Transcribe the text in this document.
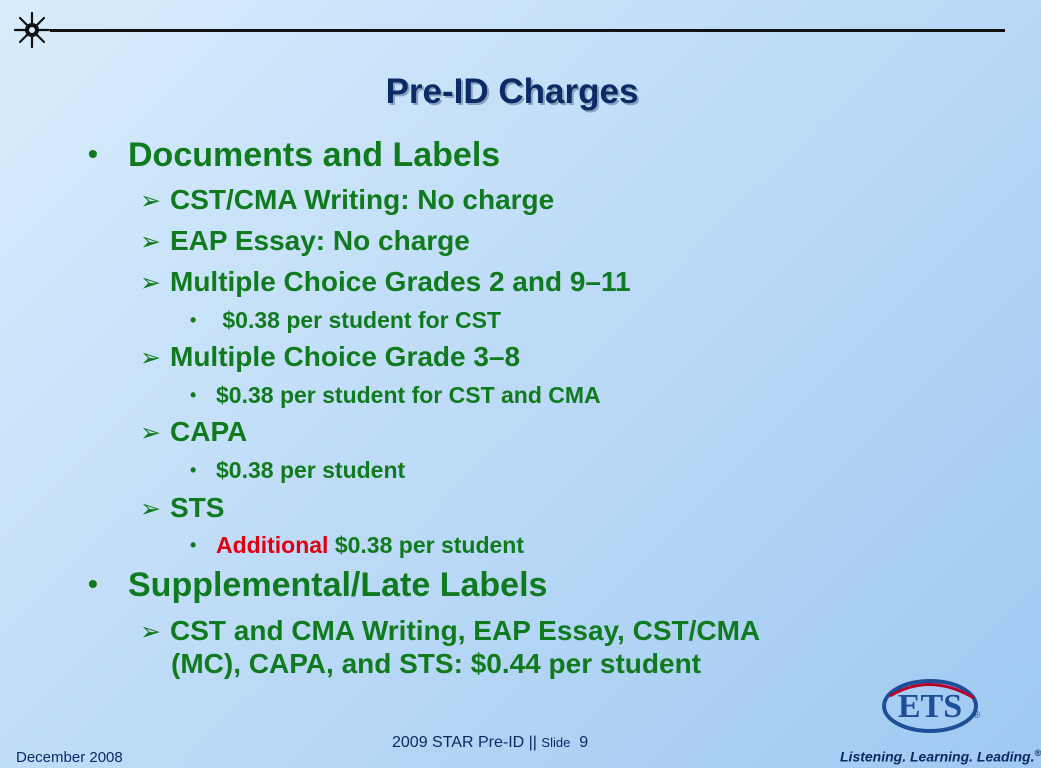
Pre-ID Charges
• Documents and Labels
➢ CST/CMA Writing: No charge
➢ EAP Essay: No charge
➢ Multiple Choice Grades 2 and 9–11
• $0.38 per student for CST
➢ Multiple Choice Grade 3–8
• $0.38 per student for CST and CMA
➢ CAPA
• $0.38 per student
➢ STS
• Additional $0.38 per student
• Supplemental/Late Labels
➢ CST and CMA Writing, EAP Essay, CST/CMA
(MC), CAPA, and STS: $0.44 per student
December 2008
2009 STAR Pre-ID || Slide 9
ETS ®
Listening. Learning. Leading.®
